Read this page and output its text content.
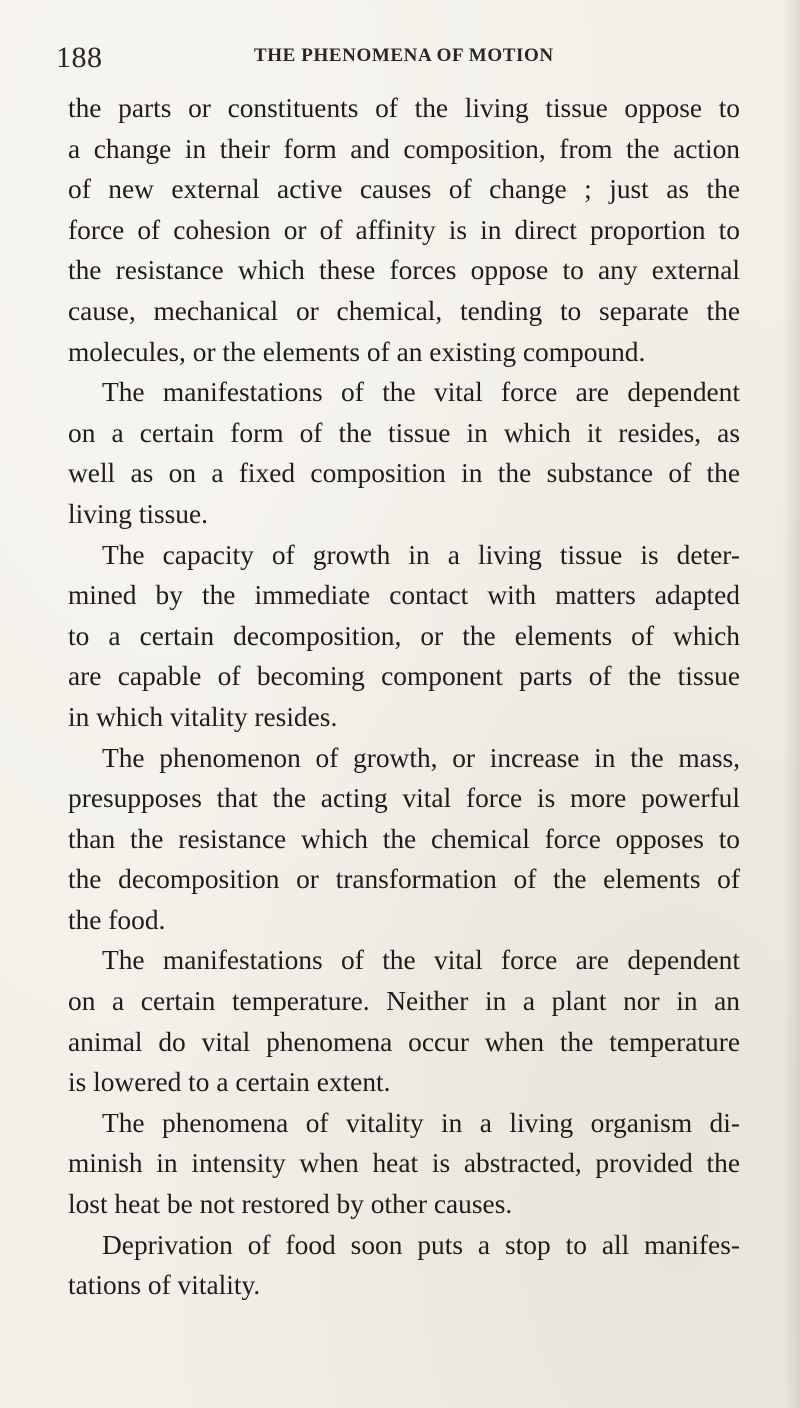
188	THE PHENOMENA OF MOTION
the parts or constituents of the living tissue oppose to
a change in their form and composition, from the action
of new external active causes of change ; just as the
force of cohesion or of affinity is in direct proportion to
the resistance which these forces oppose to any external
cause, mechanical or chemical, tending to separate the
molecules, or the elements of an existing compound.
The manifestations of the vital force are dependent
on a certain form of the tissue in which it resides, as
well as on a fixed composition in the substance of the
living tissue.
The capacity of growth in a living tissue is deter-
mined by the immediate contact with matters adapted
to a certain decomposition, or the elements of which
are capable of becoming component parts of the tissue
in which vitality resides.
The phenomenon of growth, or increase in the mass,
presupposes that the acting vital force is more powerful
than the resistance which the chemical force opposes to
the decomposition or transformation of the elements of
the food.
The manifestations of the vital force are dependent
on a certain temperature. Neither in a plant nor in an
animal do vital phenomena occur when the temperature
is lowered to a certain extent.
The phenomena of vitality in a living organism di-
minish in intensity when heat is abstracted, provided the
lost heat be not restored by other causes.
Deprivation of food soon puts a stop to all manifes-
tations of vitality.
